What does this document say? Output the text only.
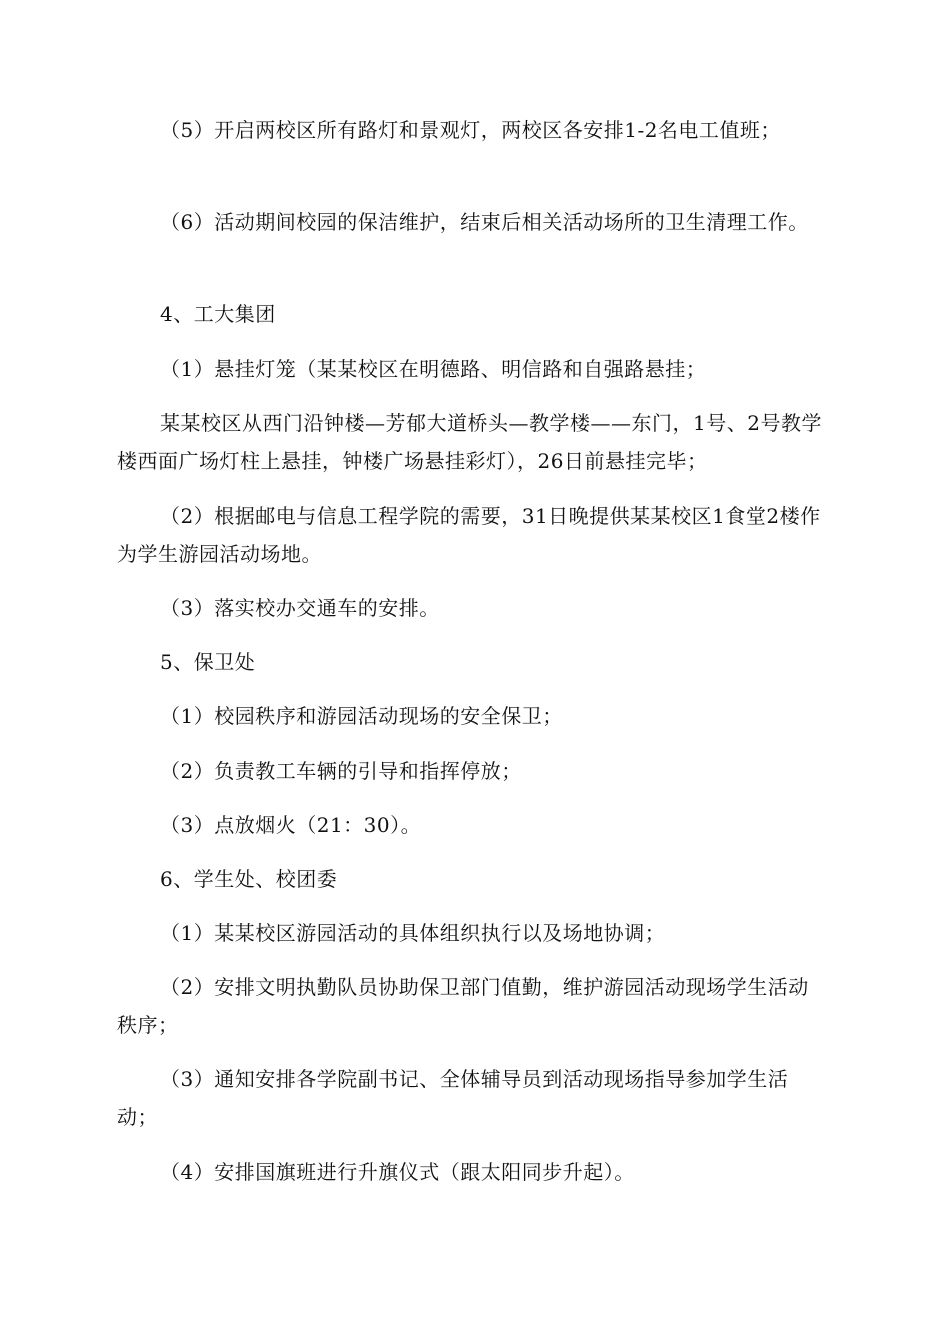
（5）开启两校区所有路灯和景观灯，两校区各安排1-2名电工值班；

（6）活动期间校园的保洁维护，结束后相关活动场所的卫生清理工作。

4、工大集团

（1）悬挂灯笼（某某校区在明德路、明信路和自强路悬挂；

某某校区从西门沿钟楼—芳郁大道桥头—教学楼——东门，1号、2号教学楼西面广场灯柱上悬挂，钟楼广场悬挂彩灯），26日前悬挂完毕；

（2）根据邮电与信息工程学院的需要，31日晚提供某某校区1食堂2楼作为学生游园活动场地。

（3）落实校办交通车的安排。

5、保卫处

（1）校园秩序和游园活动现场的安全保卫；

（2）负责教工车辆的引导和指挥停放；

（3）点放烟火（21：30）。

6、学生处、校团委

（1）某某校区游园活动的具体组织执行以及场地协调；

（2）安排文明执勤队员协助保卫部门值勤，维护游园活动现场学生活动秩序；

（3）通知安排各学院副书记、全体辅导员到活动现场指导参加学生活动；

（4）安排国旗班进行升旗仪式（跟太阳同步升起）。
